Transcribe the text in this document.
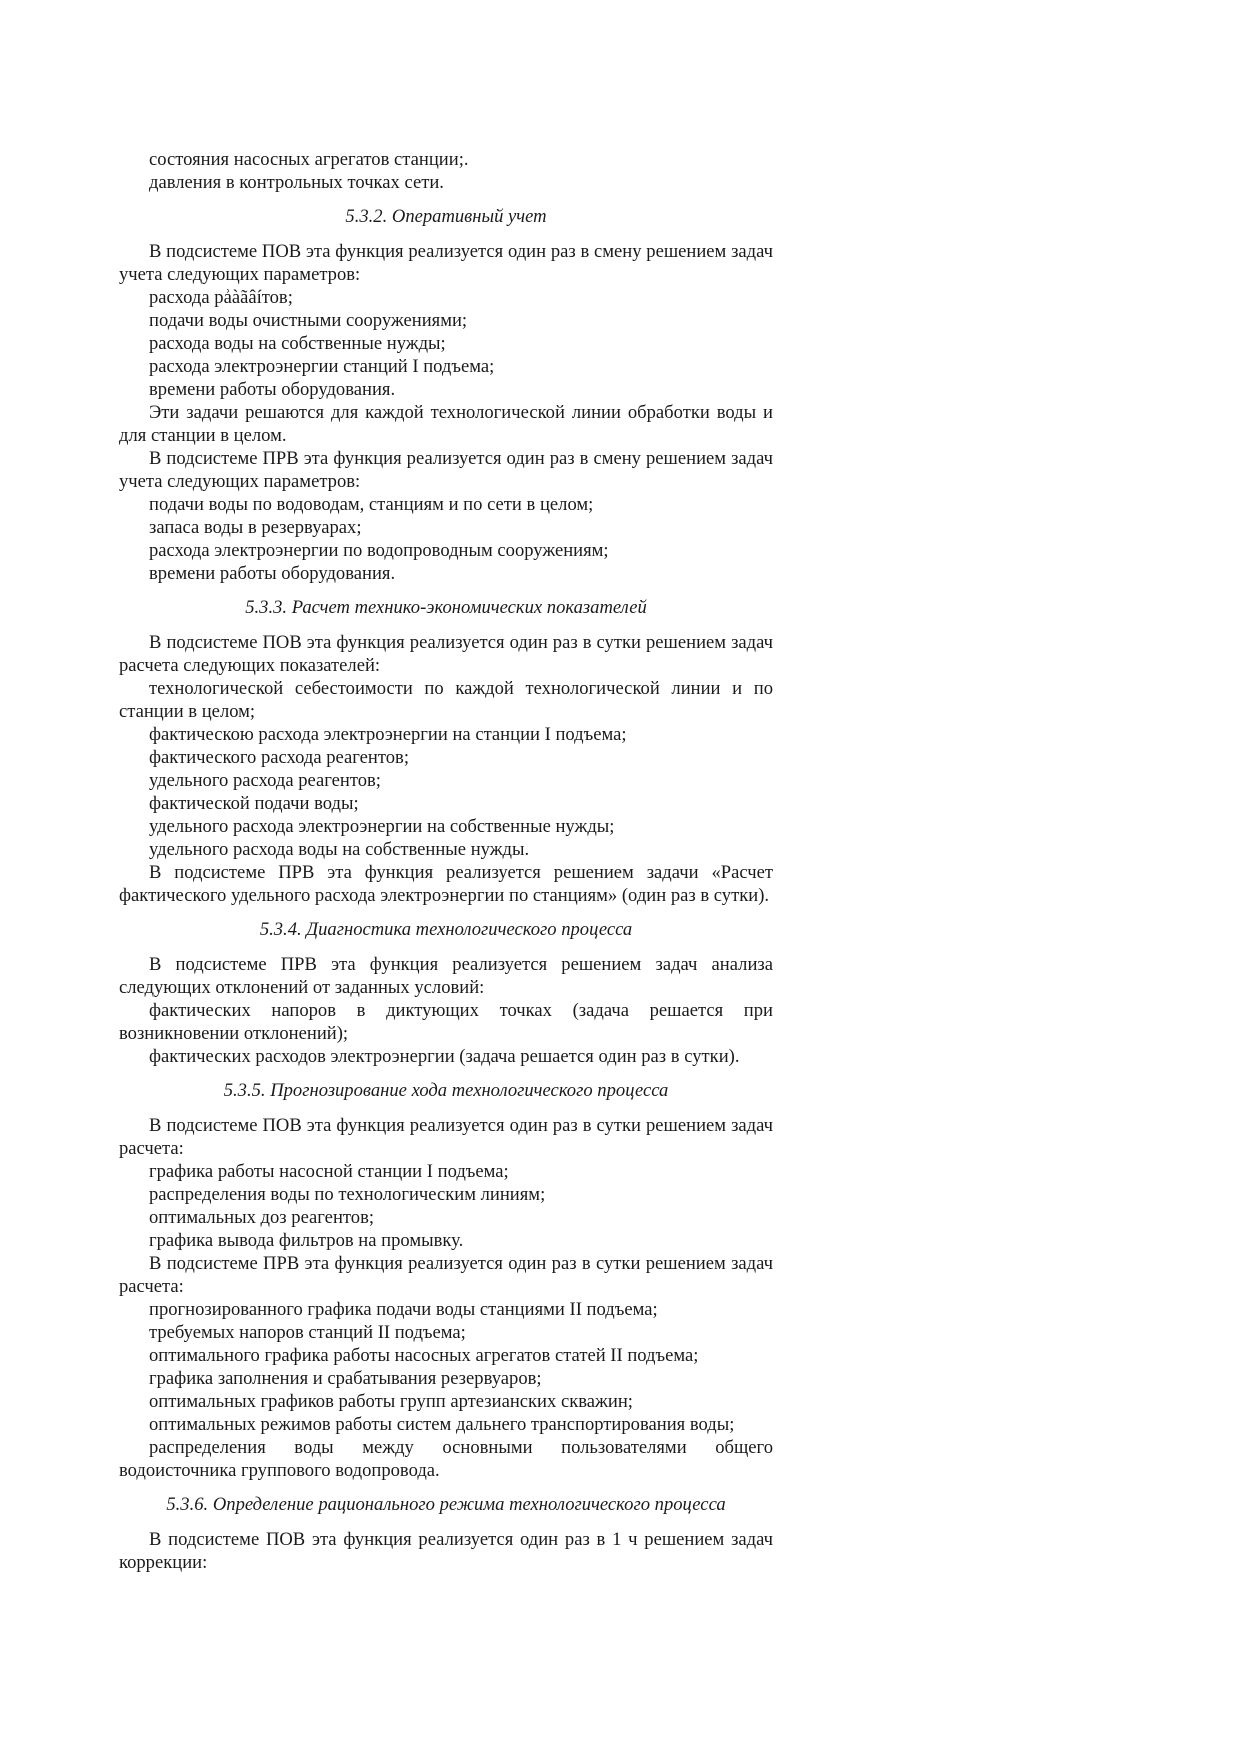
состояния насосных агрегатов станции;.

давления в контрольных точках сети.

5.3.2. Оперативный учет

В подсистеме ПОВ эта функция реализуется один раз в смену решением задач учета следующих параметров:

расхода pẚàãâíтов;

подачи воды очистными сооружениями;

расхода воды на собственные нужды;

расхода электроэнергии станций I подъема;

времени работы оборудования.

Эти задачи решаются для каждой технологической линии обработки воды и для станции в целом.

В подсистеме ПРВ эта функция реализуется один раз в смену решением задач учета следующих параметров:

подачи воды по водоводам, станциям и по сети в целом;

запаса воды в резервуарах;

расхода электроэнергии по водопроводным сооружениям;

времени работы оборудования.

5.3.3. Расчет технико-экономических показателей

В подсистеме ПОВ эта функция реализуется один раз в сутки решением задач расчета следующих показателей:

технологической себестоимости по каждой технологической линии и по станции в целом;

фактическою расхода электроэнергии на станции I подъема;

фактического расхода реагентов;

удельного расхода реагентов;

фактической подачи воды;

удельного расхода электроэнергии на собственные нужды;

удельного расхода воды на собственные нужды.

В подсистеме ПРВ эта функция реализуется решением задачи «Расчет фактического удельного расхода электроэнергии по станциям» (один раз в сутки).

5.3.4. Диагностика технологического процесса

В подсистеме ПРВ эта функция реализуется решением задач анализа следующих отклонений от заданных условий:

фактических напоров в диктующих точках (задача решается при возникновении отклонений);

фактических расходов электроэнергии (задача решается один раз в сутки).

5.3.5. Прогнозирование хода технологического процесса

В подсистеме ПОВ эта функция реализуется один раз в сутки решением задач расчета:

графика работы насосной станции I подъема;

распределения воды по технологическим линиям;

оптимальных доз реагентов;

графика вывода фильтров на промывку.

В подсистеме ПРВ эта функция реализуется один раз в сутки решением задач расчета:

прогнозированного графика подачи воды станциями II подъема;

требуемых напоров станций II подъема;

оптимального графика работы насосных агрегатов статей II подъема;

графика заполнения и срабатывания резервуаров;

оптимальных графиков работы групп артезианских скважин;

оптимальных режимов работы систем дальнего транспортирования воды;

распределения воды между основными пользователями общего водоисточника группового водопровода.

5.3.6. Определение рационального режима технологического процесса

В подсистеме ПОВ эта функция реализуется один раз в 1 ч решением задач коррекции:
